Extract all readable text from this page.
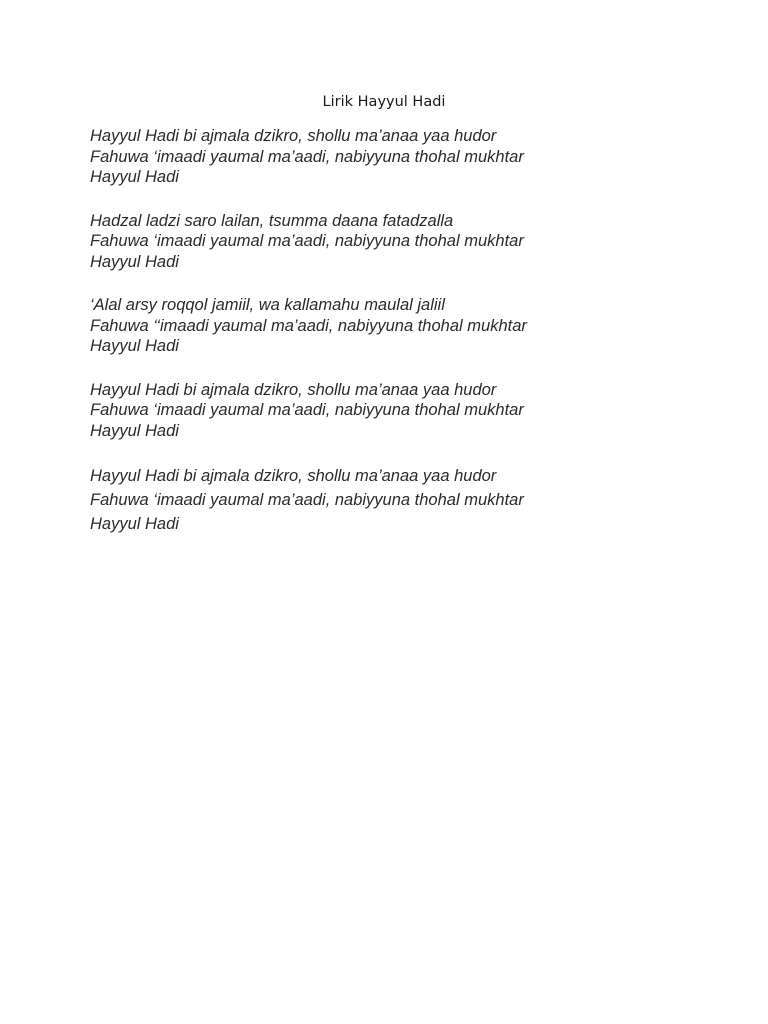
Lirik Hayyul Hadi
Hayyul Hadi bi ajmala dzikro, shollu ma’anaa yaa hudor
Fahuwa ‘imaadi yaumal ma’aadi, nabiyyuna thohal mukhtar
Hayyul Hadi
Hadzal ladzi saro lailan, tsumma daana fatadzalla
Fahuwa ‘imaadi yaumal ma’aadi, nabiyyuna thohal mukhtar
Hayyul Hadi
‘Alal arsy roqqol jamiil, wa kallamahu maulal jaliil
Fahuwa ‘‘imaadi yaumal ma’aadi, nabiyyuna thohal mukhtar
Hayyul Hadi
Hayyul Hadi bi ajmala dzikro, shollu ma’anaa yaa hudor
Fahuwa ‘imaadi yaumal ma’aadi, nabiyyuna thohal mukhtar
Hayyul Hadi
Hayyul Hadi bi ajmala dzikro, shollu ma’anaa yaa hudor
Fahuwa ‘imaadi yaumal ma’aadi, nabiyyuna thohal mukhtar
Hayyul Hadi
